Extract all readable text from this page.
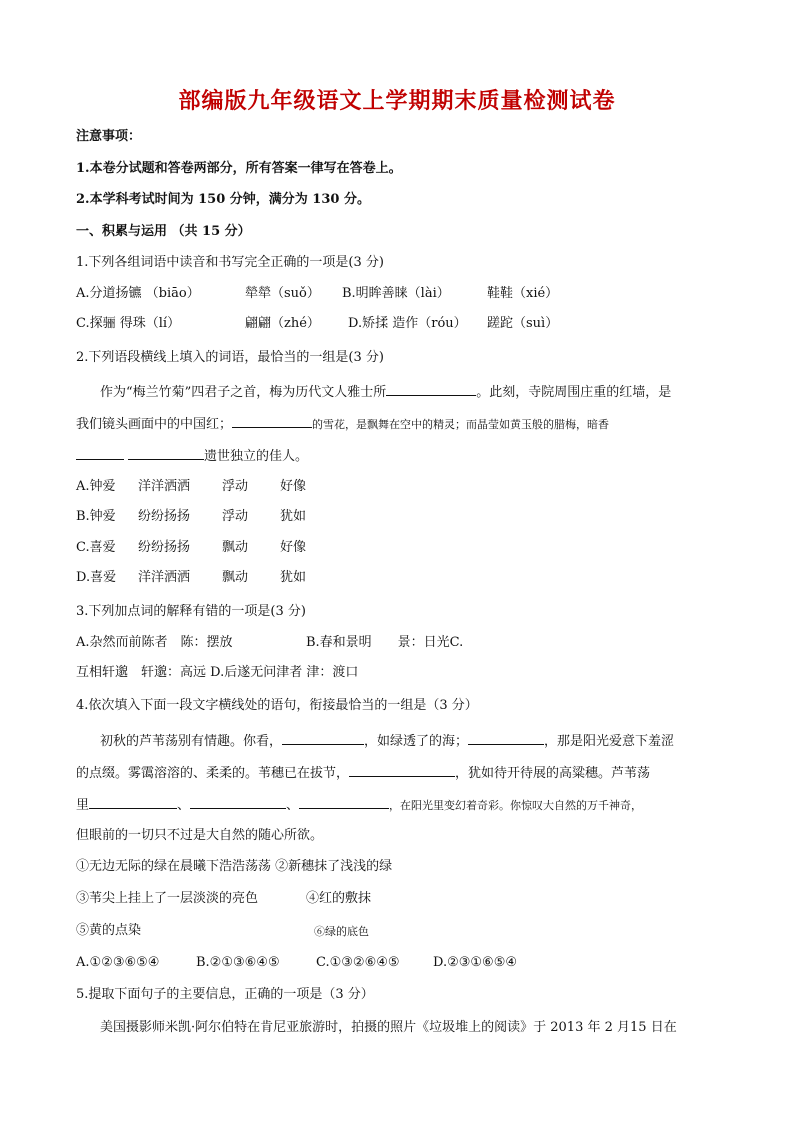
部编版九年级语文上学期期末质量检测试卷
注意事项：
1.本卷分试题和答卷两部分，所有答案一律写在答卷上。
2.本学科考试时间为 150 分钟，满分为 130 分。
一、积累与运用 （共 15 分）
1.下列各组词语中读音和书写完全正确的一项是(3 分)
A.分道扬镳 （biāo）	犖犖（suǒ） B.明眸善睐（lài）	鞋鞋（xié）
C.探骊 得珠（lí）	翩翩（zhé） D.矫揉 造作（róu） 蹉跎（suì）
2.下列语段横线上填入的词语，最恰当的一组是(3 分)
作为“梅兰竹菊”四君子之首，梅为历代文人雅士所	。此刻，寺院周围庄重的红墙，是
我们镜头画面中的中国红；	的雪花，是飘舞在空中的精灵；而晶莹如黄玉般的腊梅，暗香
遗世独立的佳人。
A.钟爱 洋洋洒洒 浮动 好像
B.钟爱 纷纷扬扬 浮动 犹如
C.喜爱 纷纷扬扬 飘动 好像
D.喜爱 洋洋洒洒 飘动 犹如
3.下列加点词的解释有错的一项是(3 分)
A.杂然而前陈者　陈：摆放	B.春和景明　　景：日光C.
互相轩邈　轩邈：高远 D.后遂无问津者 津：渡口
4.依次填入下面一段文字横线处的语句，衔接最恰当的一组是（3 分）
初秋的芦苇荡别有情趣。你看，	，如绿透了的海；	，那是阳光爱意下羞涩
的点缀。雾霭溶溶的、柔柔的。苇穗已在拔节，	，犹如待开待展的高粱穗。芦苇荡
里	、	、	，在阳光里变幻着奇彩。你惊叹大自然的万千神奇，
但眼前的一切只不过是大自然的随心所欲。
①无边无际的绿在晨曦下浩浩荡荡 ②新穗抹了浅浅的绿
③苇尖上挂上了一层淡淡的亮色	④红的敷抹
⑤黄的点染	⑥绿的底色
A.①②③⑥⑤④	B.②①③⑥④⑤	C.①③②⑥④⑤	D.②③①⑥⑤④
5.提取下面句子的主要信息，正确的一项是（3 分）
美国摄影师米凯·阿尔伯特在肯尼亚旅游时，拍摄的照片《垃圾堆上的阅读》于 2013 年 2 月15 日在
